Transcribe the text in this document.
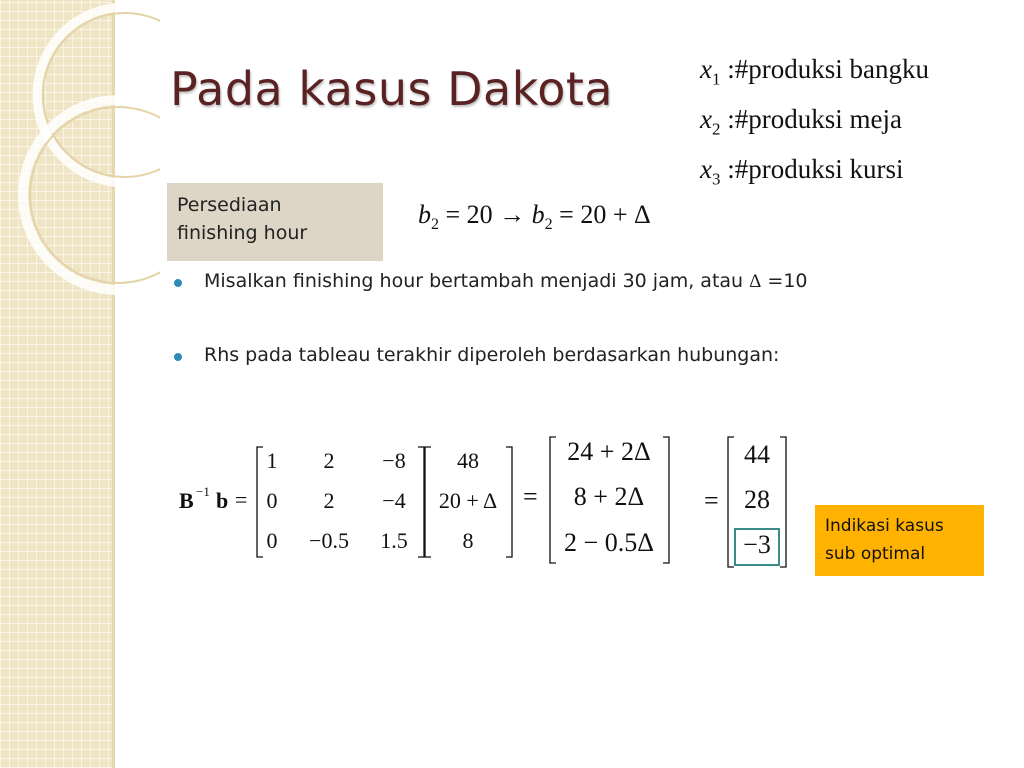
Pada kasus Dakota	$x_1$ :#produksi bangku
$x_2$ :#produksi meja
$x_3$ :#produksi kursi
Persediaan
finishing hour
$b_2 = 20 \to b_2 = 20 + \Delta$
Misalkan finishing hour bertambah menjadi 30 jam, atau Δ =10
Rhs pada tableau terakhir diperoleh berdasarkan hubungan:
B −1 b =
1 2 −8
0 2 −4
0 −0.5 1.5
48
20 + Δ
8
=
24 + 2Δ
8 + 2Δ
2 − 0.5Δ
=
44
28
−3
Indikasi kasus
sub optimal
